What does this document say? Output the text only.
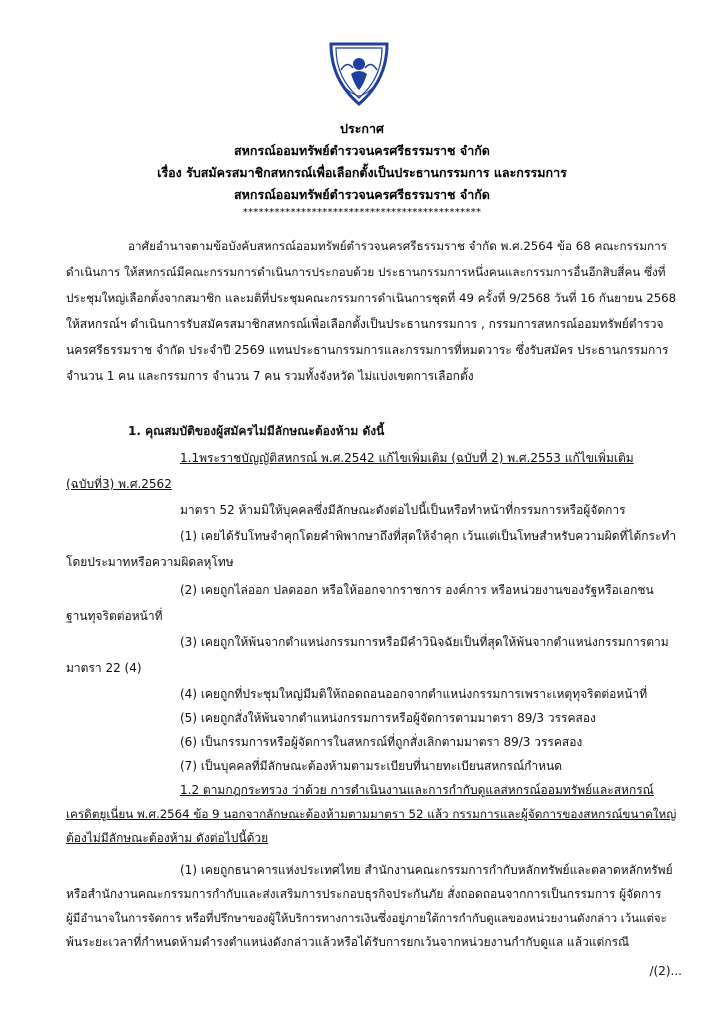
ประกาศ
สหกรณ์ออมทรัพย์ตำรวจนครศรีธรรมราช จำกัด
เรื่อง รับสมัครสมาชิกสหกรณ์เพื่อเลือกตั้งเป็นประธานกรรมการ และกรรมการ
สหกรณ์ออมทรัพย์ตำรวจนครศรีธรรมราช จำกัด
*********************************************
อาศัยอำนาจตามข้อบังคับสหกรณ์ออมทรัพย์ตำรวจนครศรีธรรมราช จำกัด พ.ศ.2564 ข้อ 68 คณะกรรมการ
ดำเนินการ ให้สหกรณ์มีคณะกรรมการดำเนินการประกอบด้วย ประธานกรรมการหนึ่งคนและกรรมการอื่นอีกสิบสี่คน ซึ่งที่
ประชุมใหญ่เลือกตั้งจากสมาชิก และมติที่ประชุมคณะกรรมการดำเนินการชุดที่ 49 ครั้งที่ 9/2568 วันที่ 16 กันยายน 2568
ให้สหกรณ์ฯ ดำเนินการรับสมัครสมาชิกสหกรณ์เพื่อเลือกตั้งเป็นประธานกรรมการ , กรรมการสหกรณ์ออมทรัพย์ตำรวจ
นครศรีธรรมราช จำกัด ประจำปี 2569 แทนประธานกรรมการและกรรมการที่หมดวาระ ซึ่งรับสมัคร ประธานกรรมการ
จำนวน 1 คน และกรรมการ จำนวน 7 คน รวมทั้งจังหวัด ไม่แบ่งเขตการเลือกตั้ง
1. คุณสมบัติของผู้สมัครไม่มีลักษณะต้องห้าม ดังนี้
1.1พระราชบัญญัติสหกรณ์ พ.ศ.2542 แก้ไขเพิ่มเติม (ฉบับที่ 2) พ.ศ.2553 แก้ไขเพิ่มเติม
(ฉบับที่3) พ.ศ.2562
มาตรา 52 ห้ามมิให้บุคคลซึ่งมีลักษณะดังต่อไปนี้เป็นหรือทำหน้าที่กรรมการหรือผู้จัดการ
(1) เคยได้รับโทษจำคุกโดยคำพิพากษาถึงที่สุดให้จำคุก เว้นแต่เป็นโทษสำหรับความผิดที่ได้กระทำ
โดยประมาทหรือความผิดลหุโทษ
(2) เคยถูกไล่ออก ปลดออก หรือให้ออกจากราชการ องค์การ หรือหน่วยงานของรัฐหรือเอกชน
ฐานทุจริตต่อหน้าที่
(3) เคยถูกให้พ้นจากตำแหน่งกรรมการหรือมีคำวินิจฉัยเป็นที่สุดให้พ้นจากตำแหน่งกรรมการตาม
มาตรา 22 (4)
(4) เคยถูกที่ประชุมใหญ่มีมติให้ถอดถอนออกจากตำแหน่งกรรมการเพราะเหตุทุจริตต่อหน้าที่
(5) เคยถูกสั่งให้พ้นจากตำแหน่งกรรมการหรือผู้จัดการตามมาตรา 89/3 วรรคสอง
(6) เป็นกรรมการหรือผู้จัดการในสหกรณ์ที่ถูกสั่งเลิกตามมาตรา 89/3 วรรคสอง
(7) เป็นบุคคลที่มีลักษณะต้องห้ามตามระเบียบที่นายทะเบียนสหกรณ์กำหนด
1.2 ตามกฎกระทรวง ว่าด้วย การดำเนินงานและการกำกับดูแลสหกรณ์ออมทรัพย์และสหกรณ์
เครดิตยูเนี่ยน พ.ศ.2564 ข้อ 9 นอกจากลักษณะต้องห้ามตามมาตรา 52 แล้ว กรรมการและผู้จัดการของสหกรณ์ขนาดใหญ่
ต้องไม่มีลักษณะต้องห้าม ดังต่อไปนี้ด้วย
(1) เคยถูกธนาคารแห่งประเทศไทย สำนักงานคณะกรรมการกำกับหลักทรัพย์และตลาดหลักทรัพย์
หรือสำนักงานคณะกรรมการกำกับและส่งเสริมการประกอบธุรกิจประกันภัย สั่งถอดถอนจากการเป็นกรรมการ ผู้จัดการ
ผู้มีอำนาจในการจัดการ หรือที่ปรึกษาของผู้ให้บริการทางการเงินซึ่งอยู่ภายใต้การกำกับดูแลของหน่วยงานดังกล่าว เว้นแต่จะ
พ้นระยะเวลาที่กำหนดห้ามดำรงตำแหน่งดังกล่าวแล้วหรือได้รับการยกเว้นจากหน่วยงานกำกับดูแล แล้วแต่กรณี
/(2)...
